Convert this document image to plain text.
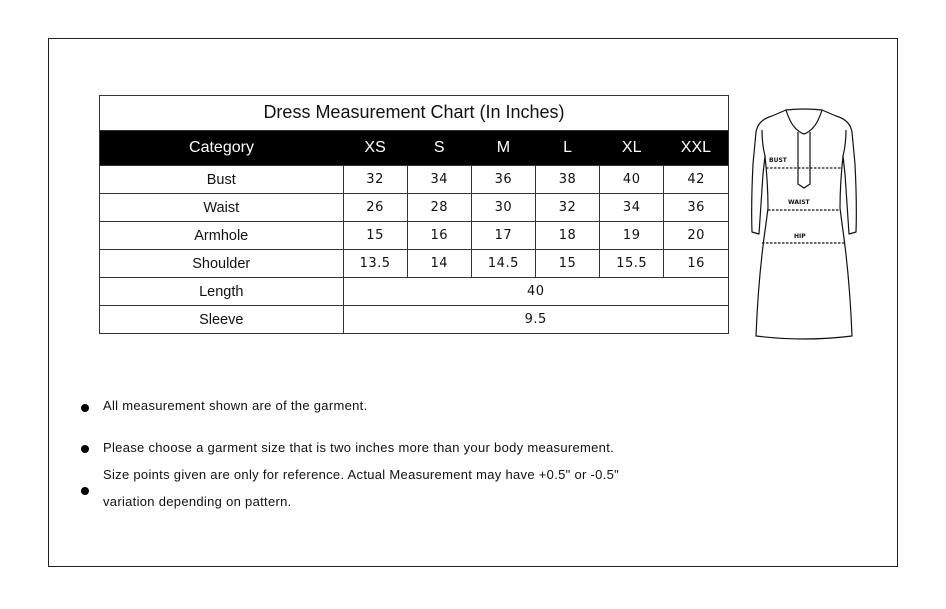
Dress Measurement Chart (In Inches)
Category	XS	S	M	L	XL	XXL
Bust	32	34	36	38	40	42
Waist	26	28	30	32	34	36
Armhole	15	16	17	18	19	20
Shoulder	13.5	14	14.5	15	15.5	16
Length	40					
Sleeve	9.5					
BUST
WAIST
HIP
All measurement shown are of the garment.
Please choose a garment size that is two inches more than your body measurement.
Size points given are only for reference. Actual Measurement may have +0.5" or -0.5"
variation depending on pattern.
